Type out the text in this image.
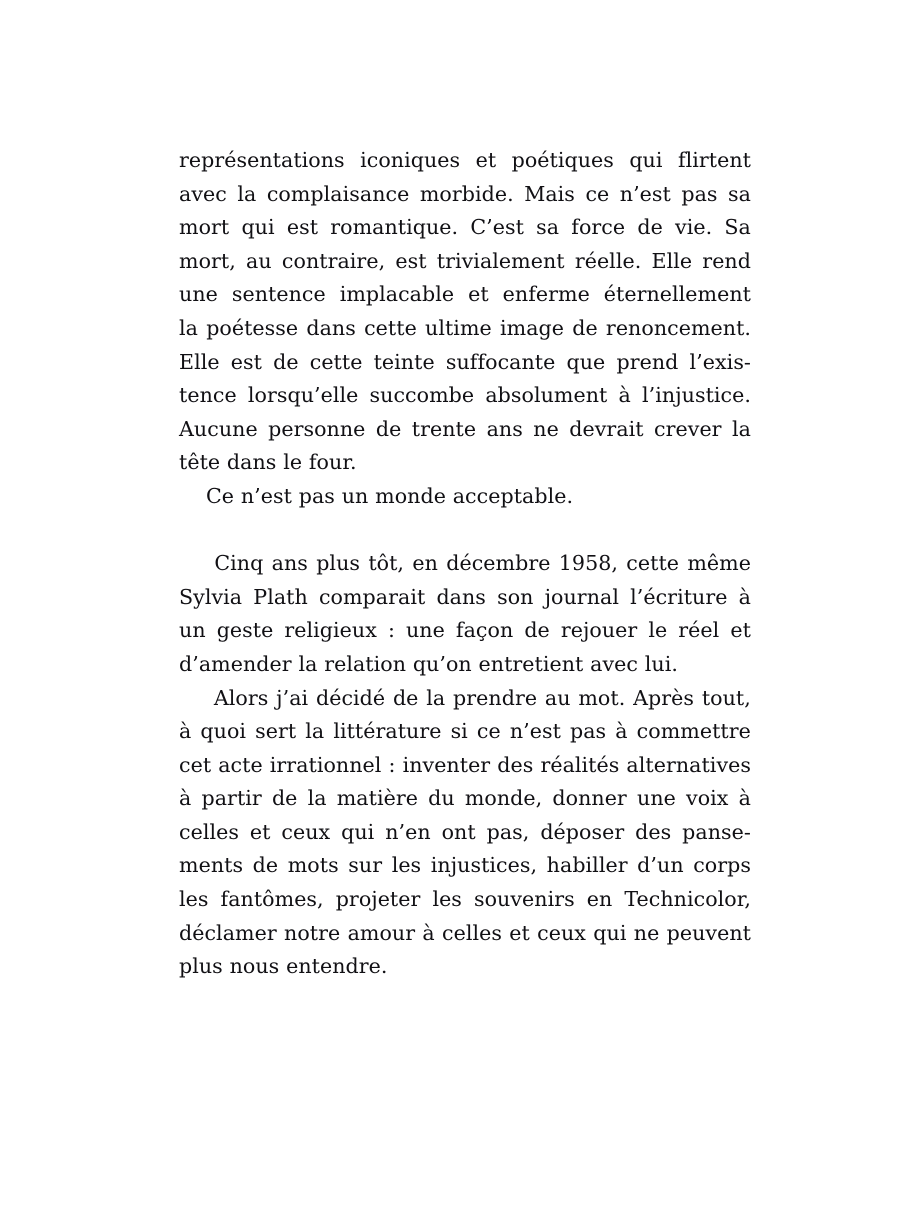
représentations iconiques et poétiques qui flirtent
avec la complaisance morbide. Mais ce n’est pas sa
mort qui est romantique. C’est sa force de vie. Sa
mort, au contraire, est trivialement réelle. Elle rend
une sentence implacable et enferme éternellement
la poétesse dans cette ultime image de renoncement.
Elle est de cette teinte suffocante que prend l’exis-
tence lorsqu’elle succombe absolument à l’injustice.
Aucune personne de trente ans ne devrait crever la
tête dans le four.

Ce n’est pas un monde acceptable.

Cinq ans plus tôt, en décembre 1958, cette même
Sylvia Plath comparait dans son journal l’écriture à
un geste religieux : une façon de rejouer le réel et
d’amender la relation qu’on entretient avec lui.

Alors j’ai décidé de la prendre au mot. Après tout,
à quoi sert la littérature si ce n’est pas à commettre
cet acte irrationnel : inventer des réalités alternatives
à partir de la matière du monde, donner une voix à
celles et ceux qui n’en ont pas, déposer des panse-
ments de mots sur les injustices, habiller d’un corps
les fantômes, projeter les souvenirs en Technicolor,
déclamer notre amour à celles et ceux qui ne peuvent
plus nous entendre.
